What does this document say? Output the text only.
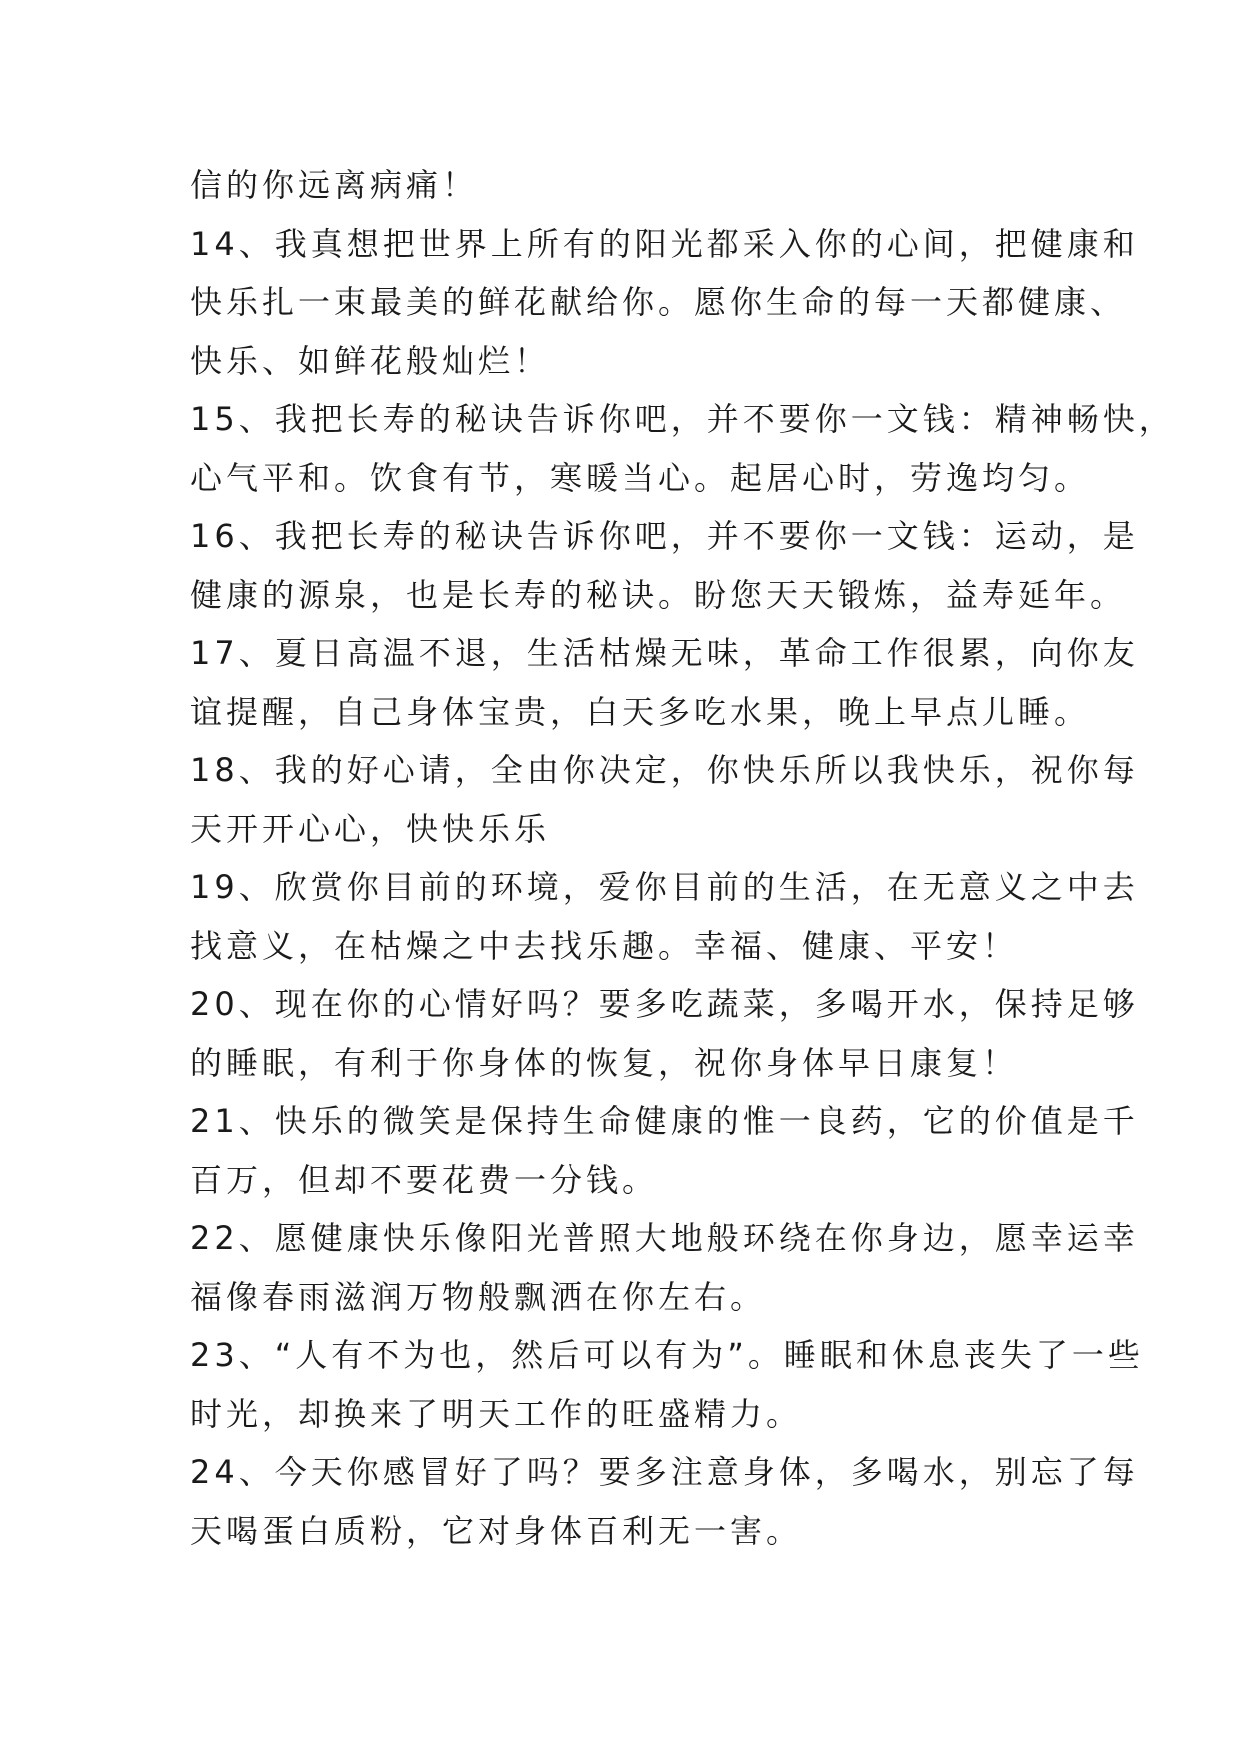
信的你远离病痛！
14、我真想把世界上所有的阳光都采入你的心间，把健康和
快乐扎一束最美的鲜花献给你。愿你生命的每一天都健康、
快乐、如鲜花般灿烂！
15、我把长寿的秘诀告诉你吧，并不要你一文钱：精神畅快，
心气平和。饮食有节，寒暖当心。起居心时，劳逸均匀。
16、我把长寿的秘诀告诉你吧，并不要你一文钱：运动，是
健康的源泉，也是长寿的秘诀。盼您天天锻炼，益寿延年。
17、夏日高温不退，生活枯燥无味，革命工作很累，向你友
谊提醒，自己身体宝贵，白天多吃水果，晚上早点儿睡。
18、我的好心请，全由你决定，你快乐所以我快乐，祝你每
天开开心心，快快乐乐
19、欣赏你目前的环境，爱你目前的生活，在无意义之中去
找意义，在枯燥之中去找乐趣。幸福、健康、平安！
20、现在你的心情好吗？要多吃蔬菜，多喝开水，保持足够
的睡眠，有利于你身体的恢复，祝你身体早日康复！
21、快乐的微笑是保持生命健康的惟一良药，它的价值是千
百万，但却不要花费一分钱。
22、愿健康快乐像阳光普照大地般环绕在你身边，愿幸运幸
福像春雨滋润万物般飘洒在你左右。
23、“人有不为也，然后可以有为”。睡眠和休息丧失了一些
时光，却换来了明天工作的旺盛精力。
24、今天你感冒好了吗？要多注意身体，多喝水，别忘了每
天喝蛋白质粉，它对身体百利无一害。
